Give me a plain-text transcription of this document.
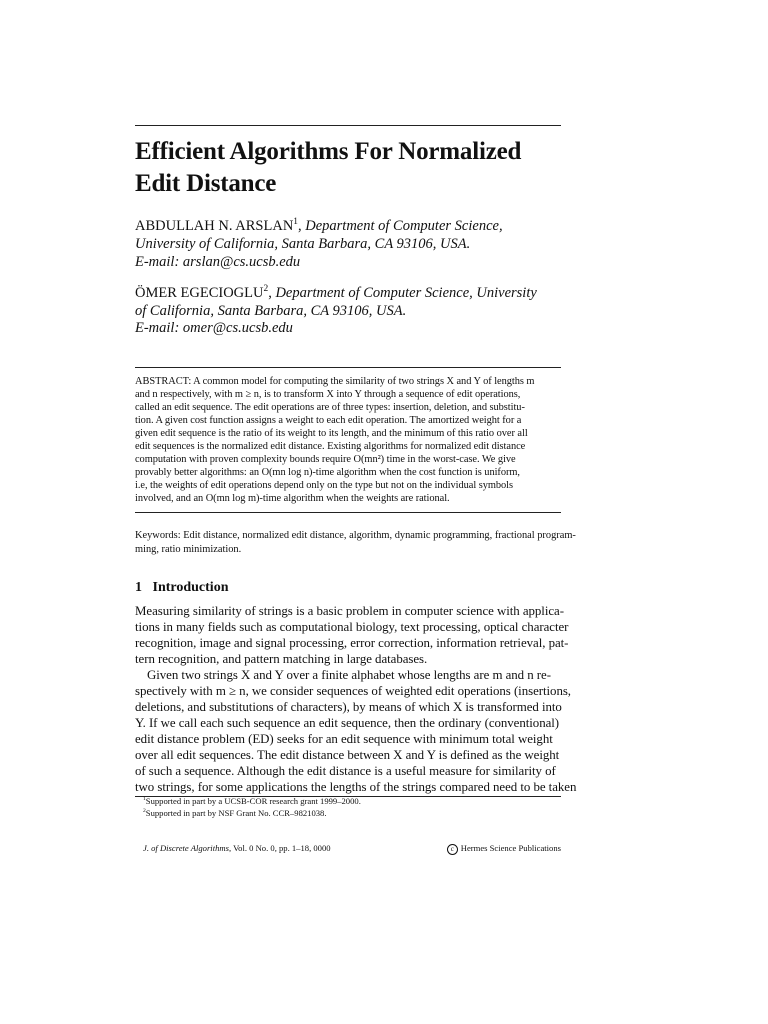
Efficient Algorithms For Normalized
Edit Distance
ABDULLAH N. ARSLAN$^1$, Department of Computer Science,
University of California, Santa Barbara, CA 93106, USA.
E-mail: arslan@cs.ucsb.edu
ÖMER EGECIOGLU$^2$, Department of Computer Science, University
of California, Santa Barbara, CA 93106, USA.
E-mail: omer@cs.ucsb.edu
ABSTRACT: A common model for computing the similarity of two strings X and Y of lengths m
and n respectively, with m ≥ n, is to transform X into Y through a sequence of edit operations,
called an edit sequence. The edit operations are of three types: insertion, deletion, and substitu-
tion. A given cost function assigns a weight to each edit operation. The amortized weight for a
given edit sequence is the ratio of its weight to its length, and the minimum of this ratio over all
edit sequences is the normalized edit distance. Existing algorithms for normalized edit distance
computation with proven complexity bounds require O(mn²) time in the worst-case. We give
provably better algorithms: an O(mn log n)-time algorithm when the cost function is uniform,
i.e, the weights of edit operations depend only on the type but not on the individual symbols
involved, and an O(mn log m)-time algorithm when the weights are rational.
Keywords: Edit distance, normalized edit distance, algorithm, dynamic programming, fractional program-
ming, ratio minimization.
1 Introduction
Measuring similarity of strings is a basic problem in computer science with applica-
tions in many fields such as computational biology, text processing, optical character
recognition, image and signal processing, error correction, information retrieval, pat-
tern recognition, and pattern matching in large databases.
Given two strings X and Y over a finite alphabet whose lengths are m and n re-
spectively with m ≥ n, we consider sequences of weighted edit operations (insertions,
deletions, and substitutions of characters), by means of which X is transformed into
Y. If we call each such sequence an edit sequence, then the ordinary (conventional)
edit distance problem (ED) seeks for an edit sequence with minimum total weight
over all edit sequences. The edit distance between X and Y is defined as the weight
of such a sequence. Although the edit distance is a useful measure for similarity of
two strings, for some applications the lengths of the strings compared need to be taken
$^1$Supported in part by a UCSB-COR research grant 1999–2000.
$^2$Supported in part by NSF Grant No. CCR–9821038.
J. of Discrete Algorithms, Vol. 0 No. 0, pp. 1–18, 0000	c Hermes Science Publications
